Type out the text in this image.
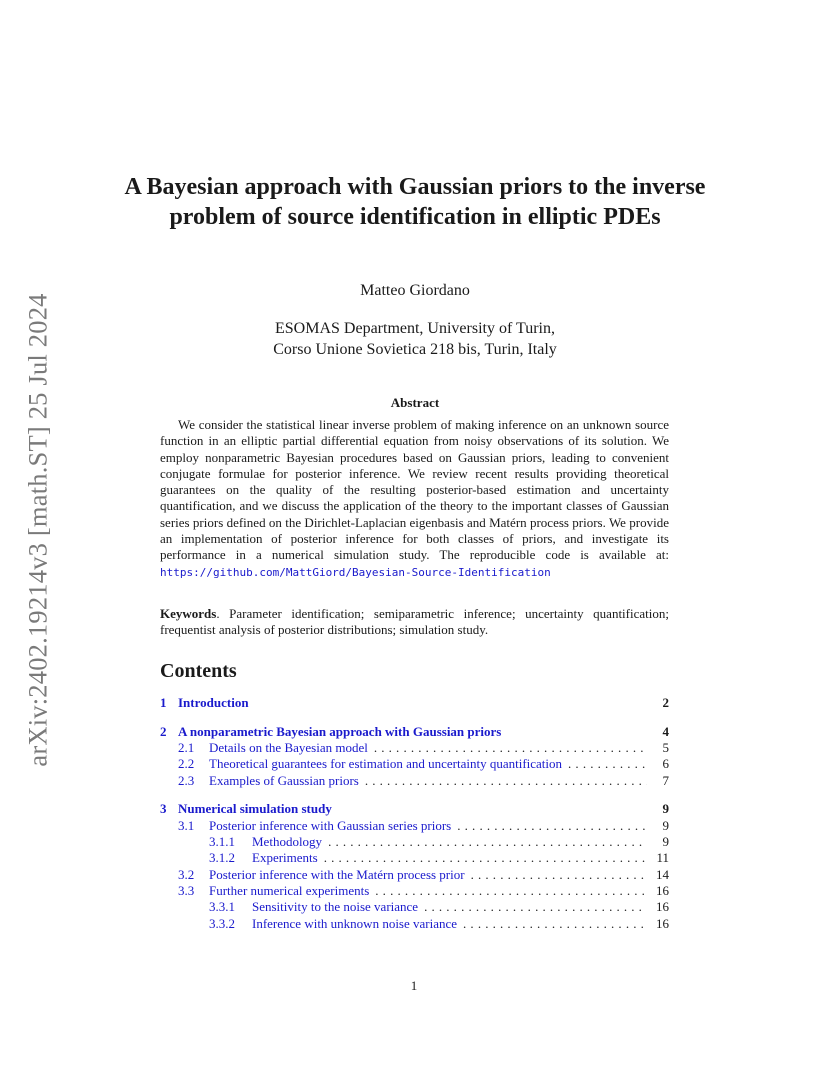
arXiv:2402.19214v3 [math.ST] 25 Jul 2024
A Bayesian approach with Gaussian priors to the inverse problem of source identification in elliptic PDEs
Matteo Giordano
ESOMAS Department, University of Turin,
Corso Unione Sovietica 218 bis, Turin, Italy
Abstract
We consider the statistical linear inverse problem of making inference on an unknown source function in an elliptic partial differential equation from noisy observations of its solution. We employ nonparametric Bayesian procedures based on Gaussian priors, leading to convenient conjugate formulae for posterior inference. We review recent results providing theoretical guarantees on the quality of the resulting posterior-based estimation and uncertainty quantification, and we discuss the application of the theory to the important classes of Gaussian series priors defined on the Dirichlet-Laplacian eigenbasis and Matérn process priors. We provide an implementation of posterior inference for both classes of priors, and investigate its performance in a numerical simulation study. The reproducible code is available at: https://github.com/MattGiord/Bayesian-Source-Identification
Keywords. Parameter identification; semiparametric inference; uncertainty quantification; frequentist analysis of posterior distributions; simulation study.
Contents
1 Introduction	2
2 A nonparametric Bayesian approach with Gaussian priors	4
2.1	Details on the Bayesian model . . .	5
2.2	Theoretical guarantees for estimation and uncertainty quantification . . .	6
2.3	Examples of Gaussian priors . . .	7
3 Numerical simulation study	9
3.1	Posterior inference with Gaussian series priors . . .	9
3.1.1	Methodology . . .	9
3.1.2	Experiments . . .	11
3.2	Posterior inference with the Matérn process prior . . .	14
3.3	Further numerical experiments . . .	16
3.3.1	Sensitivity to the noise variance . . .	16
3.3.2	Inference with unknown noise variance . . .	16
1
